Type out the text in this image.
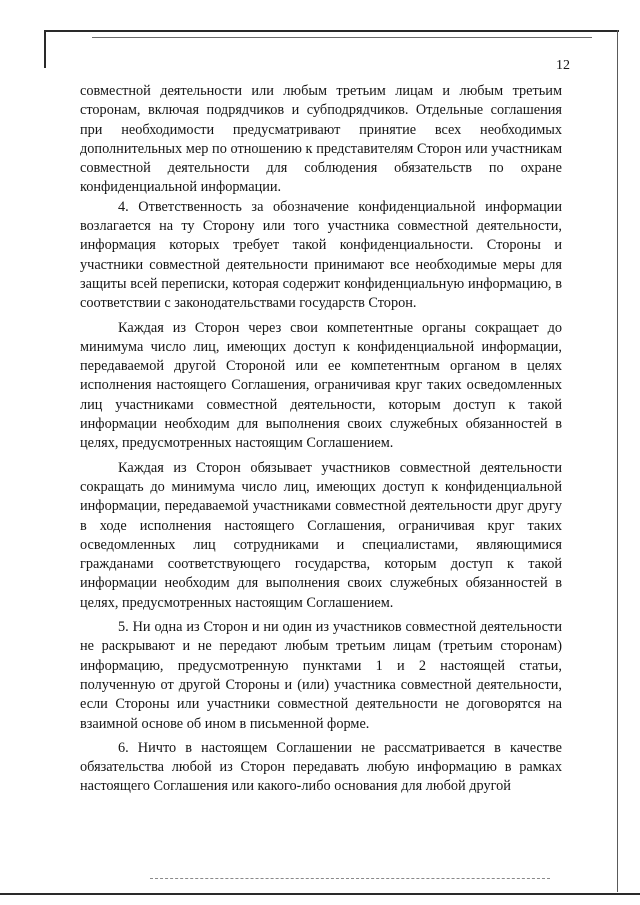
12

совместной деятельности или любым третьим лицам и любым третьим сторонам, включая подрядчиков и субподрядчиков. Отдельные соглашения при необходимости предусматривают принятие всех необходимых дополнительных мер по отношению к представителям Сторон или участникам совместной деятельности для соблюдения обязательств по охране конфиденциальной информации.

4. Ответственность за обозначение конфиденциальной информации возлагается на ту Сторону или того участника совместной деятельности, информация которых требует такой конфиденциальности. Стороны и участники совместной деятельности принимают все необходимые меры для защиты всей переписки, которая содержит конфиденциальную информацию, в соответствии с законодательствами государств Сторон.

Каждая из Сторон через свои компетентные органы сокращает до минимума число лиц, имеющих доступ к конфиденциальной информации, передаваемой другой Стороной или ее компетентным органом в целях исполнения настоящего Соглашения, ограничивая круг таких осведомленных лиц участниками совместной деятельности, которым доступ к такой информации необходим для выполнения своих служебных обязанностей в целях, предусмотренных настоящим Соглашением.

Каждая из Сторон обязывает участников совместной деятельности сокращать до минимума число лиц, имеющих доступ к конфиденциальной информации, передаваемой участниками совместной деятельности друг другу в ходе исполнения настоящего Соглашения, ограничивая круг таких осведомленных лиц сотрудниками и специалистами, являющимися гражданами соответствующего государства, которым доступ к такой информации необходим для выполнения своих служебных обязанностей в целях, предусмотренных настоящим Соглашением.

5. Ни одна из Сторон и ни один из участников совместной деятельности не раскрывают и не передают любым третьим лицам (третьим сторонам) информацию, предусмотренную пунктами 1 и 2 настоящей статьи, полученную от другой Стороны и (или) участника совместной деятельности, если Стороны или участники совместной деятельности не договорятся на взаимной основе об ином в письменной форме.

6. Ничто в настоящем Соглашении не рассматривается в качестве обязательства любой из Сторон передавать любую информацию в рамках настоящего Соглашения или какого-либо основания для любой другой
